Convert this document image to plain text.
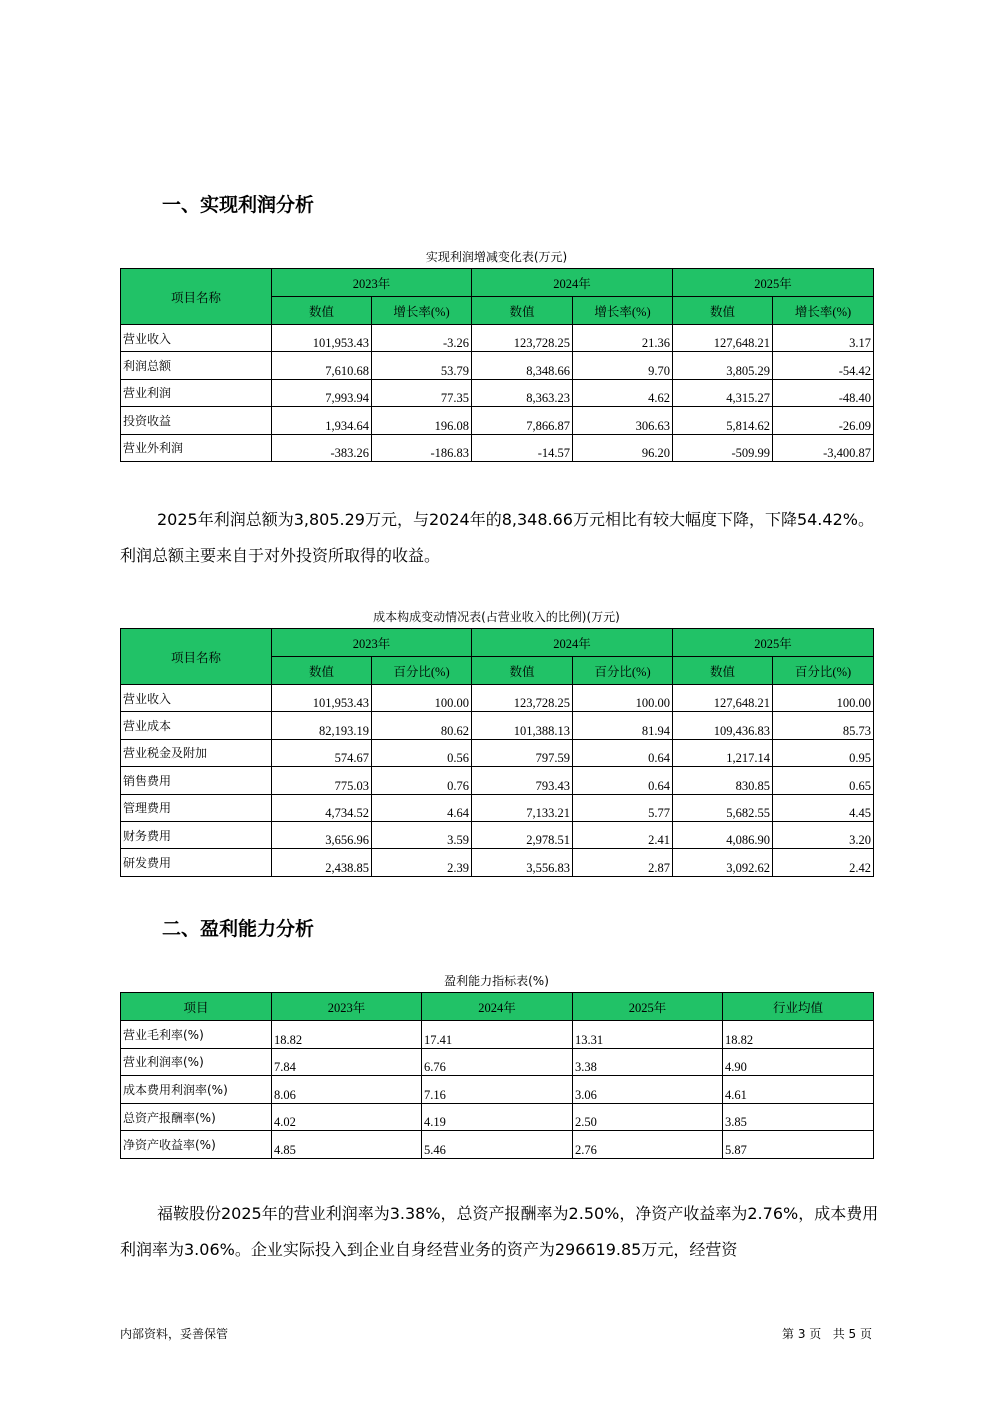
一、实现利润分析
实现利润增减变化表(万元)
项目名称	2023年		2024年		2025年	
	数值	增长率(%)	数值	增长率(%)	数值	增长率(%)
营业收入	101,953.43	-3.26	123,728.25	21.36	127,648.21	3.17
利润总额	7,610.68	53.79	8,348.66	9.70	3,805.29	-54.42
营业利润	7,993.94	77.35	8,363.23	4.62	4,315.27	-48.40
投资收益	1,934.64	196.08	7,866.87	306.63	5,814.62	-26.09
营业外利润	-383.26	-186.83	-14.57	96.20	-509.99	-3,400.87

2025年利润总额为3,805.29万元，与2024年的8,348.66万元相比有较大幅度下降，下降54.42%。利润总额主要来自于对外投资所取得的收益。

成本构成变动情况表(占营业收入的比例)(万元)
项目名称	2023年		2024年		2025年	
	数值	百分比(%)	数值	百分比(%)	数值	百分比(%)
营业收入	101,953.43	100.00	123,728.25	100.00	127,648.21	100.00
营业成本	82,193.19	80.62	101,388.13	81.94	109,436.83	85.73
营业税金及附加	574.67	0.56	797.59	0.64	1,217.14	0.95
销售费用	775.03	0.76	793.43	0.64	830.85	0.65
管理费用	4,734.52	4.64	7,133.21	5.77	5,682.55	4.45
财务费用	3,656.96	3.59	2,978.51	2.41	4,086.90	3.20
研发费用	2,438.85	2.39	3,556.83	2.87	3,092.62	2.42
二、盈利能力分析
盈利能力指标表(%)
项目	2023年	2024年	2025年	行业均值
营业毛利率(%)	18.82	17.41	13.31	18.82
营业利润率(%)	7.84	6.76	3.38	4.90
成本费用利润率(%)	8.06	7.16	3.06	4.61
总资产报酬率(%)	4.02	4.19	2.50	3.85
净资产收益率(%)	4.85	5.46	2.76	5.87

福鞍股份2025年的营业利润率为3.38%，总资产报酬率为2.50%，净资产收益率为2.76%，成本费用利润率为3.06%。企业实际投入到企业自身经营业务的资产为296619.85万元，经营资

内部资料，妥善保管	第 3 页   共 5 页
